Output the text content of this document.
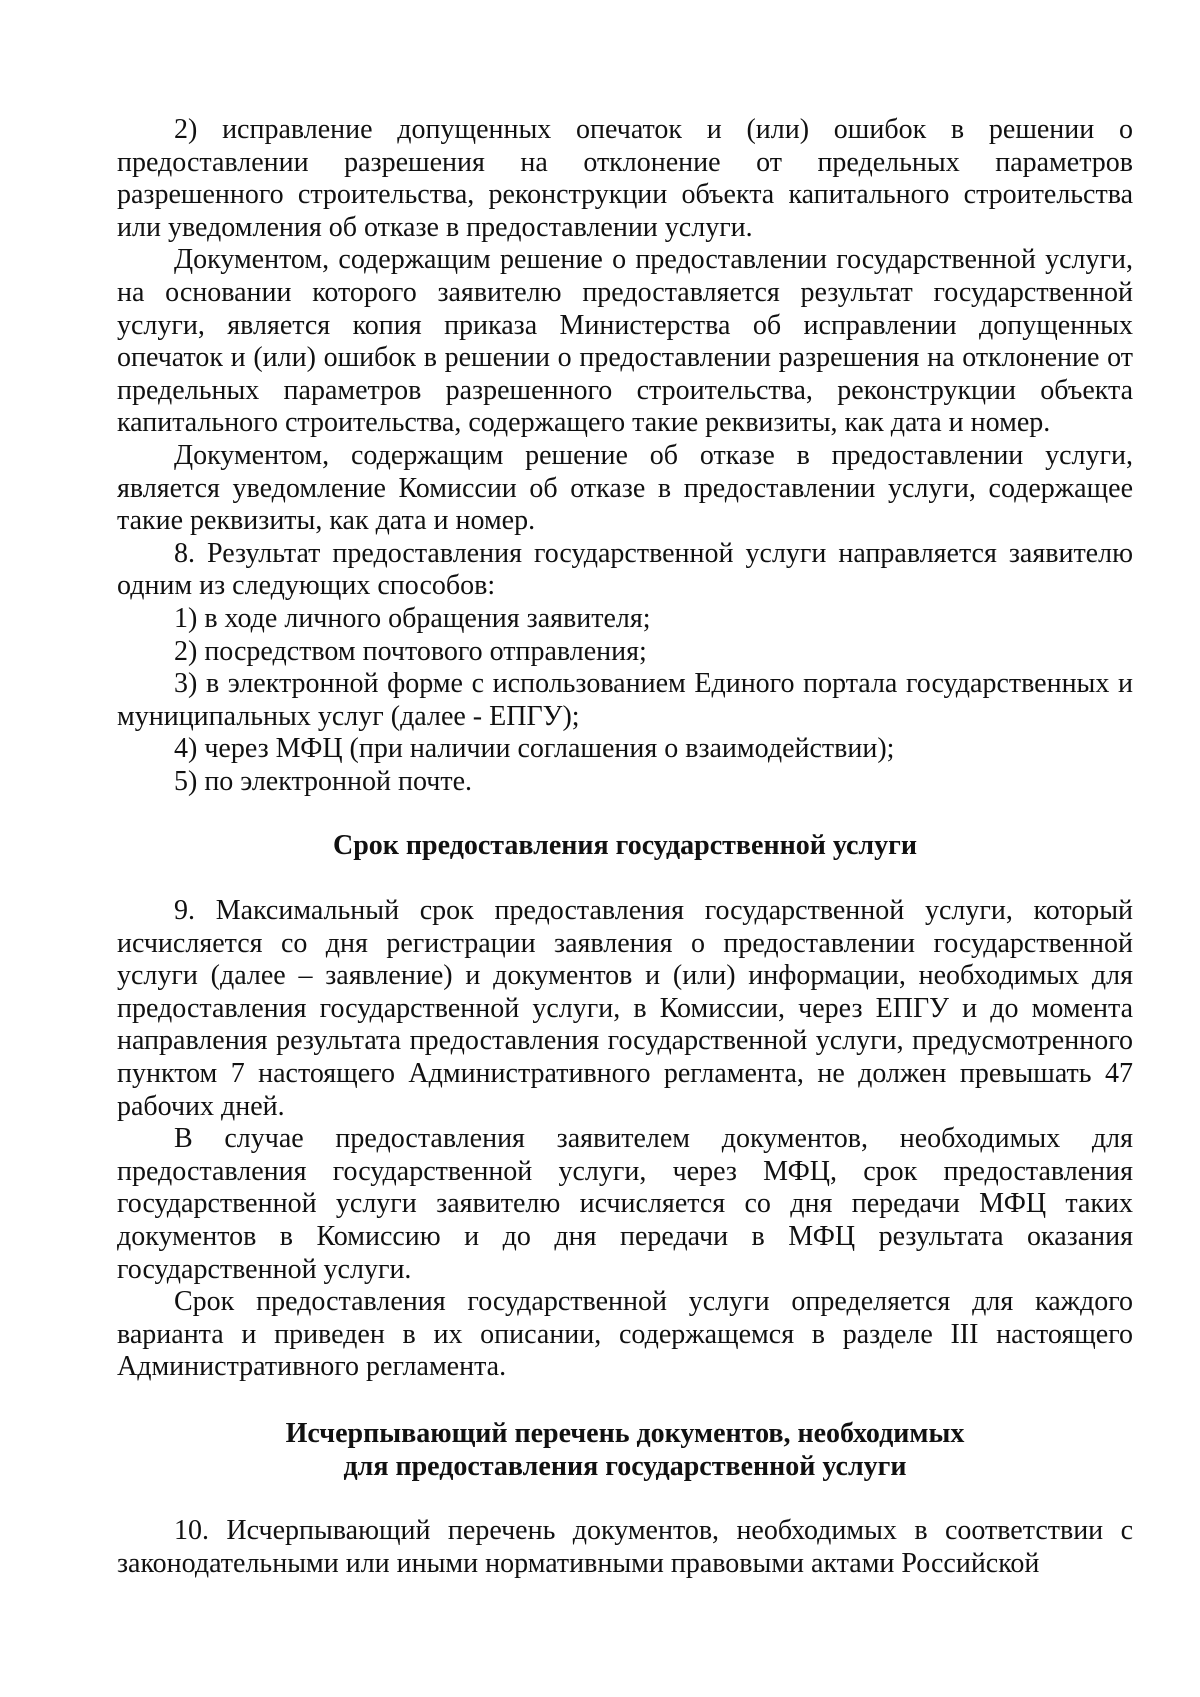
2) исправление допущенных опечаток и (или) ошибок в решении о предоставлении разрешения на отклонение от предельных параметров разрешенного строительства, реконструкции объекта капитального строительства или уведомления об отказе в предоставлении услуги.

Документом, содержащим решение о предоставлении государственной услуги, на основании которого заявителю предоставляется результат государственной услуги, является копия приказа Министерства об исправлении допущенных опечаток и (или) ошибок в решении о предоставлении разрешения на отклонение от предельных параметров разрешенного строительства, реконструкции объекта капитального строительства, содержащего такие реквизиты, как дата и номер.

Документом, содержащим решение об отказе в предоставлении услуги, является уведомление Комиссии об отказе в предоставлении услуги, содержащее такие реквизиты, как дата и номер.

8. Результат предоставления государственной услуги направляется заявителю одним из следующих способов:

1) в ходе личного обращения заявителя;

2) посредством почтового отправления;

3) в электронной форме с использованием Единого портала государственных и муниципальных услуг (далее - ЕПГУ);

4) через МФЦ (при наличии соглашения о взаимодействии);

5) по электронной почте.

Срок предоставления государственной услуги

9. Максимальный срок предоставления государственной услуги, который исчисляется со дня регистрации заявления о предоставлении государственной услуги (далее – заявление) и документов и (или) информации, необходимых для предоставления государственной услуги, в Комиссии, через ЕПГУ и до момента направления результата предоставления государственной услуги, предусмотренного пунктом 7 настоящего Административного регламента, не должен превышать 47 рабочих дней.

В случае предоставления заявителем документов, необходимых для предоставления государственной услуги, через МФЦ, срок предоставления государственной услуги заявителю исчисляется со дня передачи МФЦ таких документов в Комиссию и до дня передачи в МФЦ результата оказания государственной услуги.

Срок предоставления государственной услуги определяется для каждого варианта и приведен в их описании, содержащемся в разделе III настоящего Административного регламента.

Исчерпывающий перечень документов, необходимых
для предоставления государственной услуги

10. Исчерпывающий перечень документов, необходимых в соответствии с законодательными или иными нормативными правовыми актами Российской
